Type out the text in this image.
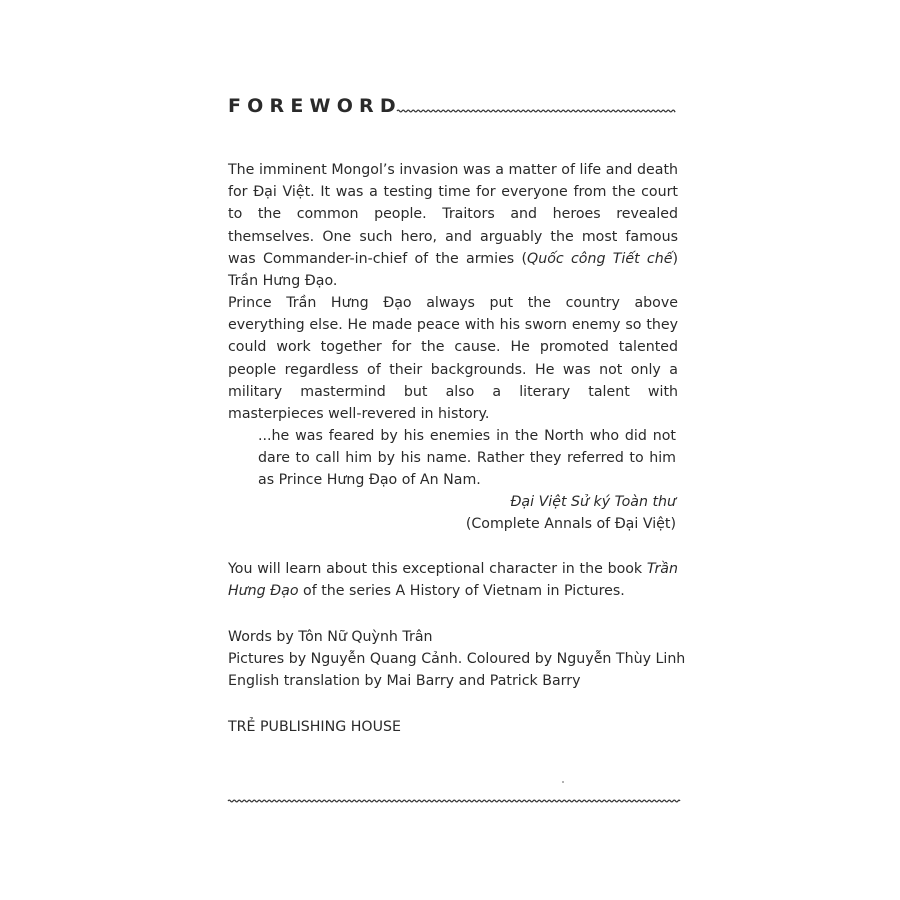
FOREWORD

The imminent Mongol’s invasion was a matter of life and death for Đại Việt. It was a testing time for everyone from the court to the common people. Traitors and heroes revealed themselves. One such hero, and arguably the most famous was Commander-in-chief of the armies (Quốc công Tiết chế) Trần Hưng Đạo.

Prince Trần Hưng Đạo always put the country above everything else. He made peace with his sworn enemy so they could work together for the cause. He promoted talented people regardless of their backgrounds. He was not only a military mastermind but also a literary talent with masterpieces well-revered in history.

...he was feared by his enemies in the North who did not dare to call him by his name. Rather they referred to him as Prince Hưng Đạo of An Nam.

Đại Việt Sử ký Toàn thư
(Complete Annals of Đại Việt)

You will learn about this exceptional character in the book Trần Hưng Đạo of the series A History of Vietnam in Pictures.

Words by Tôn Nữ Quỳnh Trân
Pictures by Nguyễn Quang Cảnh. Coloured by Nguyễn Thùy Linh
English translation by Mai Barry and Patrick Barry
TRẺ PUBLISHING HOUSE
